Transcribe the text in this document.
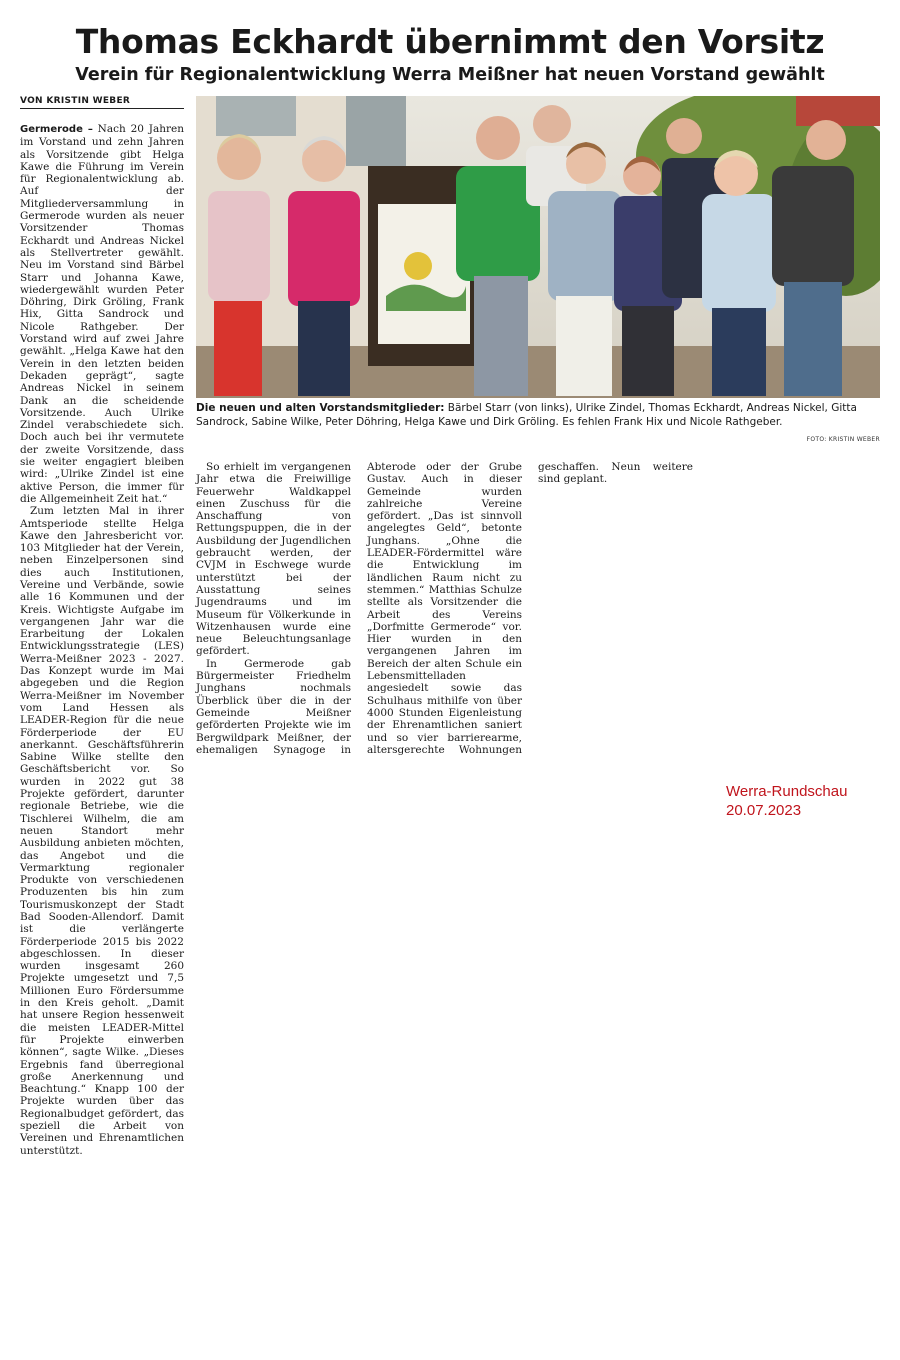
Thomas Eckhardt übernimmt den Vorsitz
Verein für Regionalentwicklung Werra Meißner hat neuen Vorstand gewählt
VON KRISTIN WEBER

Germerode – Nach 20 Jahren im Vorstand und zehn Jahren als Vorsitzende gibt Helga Kawe die Führung im Verein für Regionalentwicklung ab. Auf der Mitgliederversammlung in Germerode wurden als neuer Vorsitzender Thomas Eckhardt und Andreas Nickel als Stellvertreter gewählt. Neu im Vorstand sind Bärbel Starr und Johanna Kawe, wiedergewählt wurden Peter Döhring, Dirk Gröling, Frank Hix, Gitta Sandrock und Nicole Rathgeber. Der Vorstand wird auf zwei Jahre gewählt. „Helga Kawe hat den Verein in den letzten beiden Dekaden geprägt“, sagte Andreas Nickel in seinem Dank an die scheidende Vorsitzende. Auch Ulrike Zindel verabschiedete sich. Doch auch bei ihr vermutete der zweite Vorsitzende, dass sie weiter engagiert bleiben wird: „Ulrike Zindel ist eine aktive Person, die immer für die Allgemeinheit Zeit hat.“

Zum letzten Mal in ihrer Amtsperiode stellte Helga Kawe den Jahresbericht vor. 103 Mitglieder hat der Verein, neben Einzelpersonen sind dies auch Institutionen, Vereine und Verbände, sowie alle 16 Kommunen und der Kreis. Wichtigste Aufgabe im vergangenen Jahr war die Erarbeitung der Lokalen Entwicklungsstrategie (LES) Werra-Meißner 2023 - 2027. Das Konzept wurde im Mai abgegeben und die Region Werra-Meißner im November vom Land Hessen als LEADER-Region für die neue Förderperiode der EU anerkannt. Geschäftsführerin Sabine Wilke stellte den Geschäftsbericht vor. So wurden in 2022 gut 38 Projekte gefördert, darunter regionale Betriebe, wie die Tischlerei Wilhelm, die am neuen Standort mehr Ausbildung anbieten möchten, das Angebot und die Vermarktung regionaler Produkte von verschiedenen Produzenten bis hin zum Tourismuskonzept der Stadt Bad Sooden-Allendorf. Damit ist die verlängerte Förderperiode 2015 bis 2022 abgeschlossen. In dieser wurden insgesamt 260 Projekte umgesetzt und 7,5 Millionen Euro Fördersumme in den Kreis geholt. „Damit hat unsere Region hessenweit die meisten LEADER-Mittel für Projekte einwerben können“, sagte Wilke. „Dieses Ergebnis fand überregional große Anerkennung und Beachtung.“ Knapp 100 der Projekte wurden über das Regionalbudget gefördert, das speziell die Arbeit von Vereinen und Ehrenamtlichen unterstützt.

Die neuen und alten Vorstandsmitglieder: Bärbel Starr (von links), Ulrike Zindel, Thomas Eckhardt, Andreas Nickel, Gitta Sandrock, Sabine Wilke, Peter Döhring, Helga Kawe und Dirk Gröling. Es fehlen Frank Hix und Nicole Rathgeber.
FOTO: KRISTIN WEBER

So erhielt im vergangenen Jahr etwa die Freiwillige Feuerwehr Waldkappel einen Zuschuss für die Anschaffung von Rettungspuppen, die in der Ausbildung der Jugendlichen gebraucht werden, der CVJM in Eschwege wurde unterstützt bei der Ausstattung seines Jugendraums und im Museum für Völkerkunde in Witzenhausen wurde eine neue Beleuchtungsanlage gefördert.

In Germerode gab Bürgermeister Friedhelm Junghans nochmals Überblick über die in der Gemeinde Meißner geförderten Projekte wie im Bergwildpark Meißner, der ehemaligen Synagoge in Abterode oder der Grube Gustav. Auch in dieser Gemeinde wurden zahlreiche Vereine gefördert. „Das ist sinnvoll angelegtes Geld“, betonte Junghans. „Ohne die LEADER-Fördermittel wäre die Entwicklung im ländlichen Raum nicht zu stemmen.“ Matthias Schulze stellte als Vorsitzender die Arbeit des Vereins „Dorfmitte Germerode“ vor. Hier wurden in den vergangenen Jahren im Bereich der alten Schule ein Lebensmittelladen angesiedelt sowie das Schulhaus mithilfe von über 4000 Stunden Eigenleistung der Ehrenamtlichen saniert und so vier barrierearme, altersgerechte Wohnungen geschaffen. Neun weitere sind geplant.

Werra-Rundschau
20.07.2023
